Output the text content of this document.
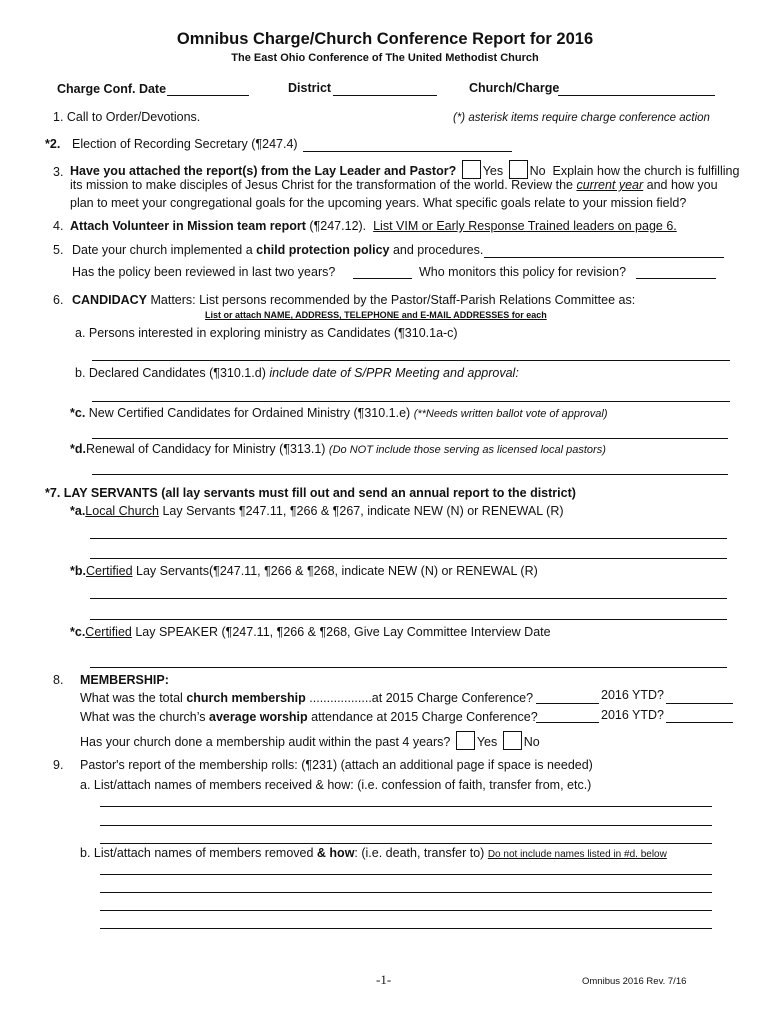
Omnibus Charge/Church Conference Report for 2016
The East Ohio Conference of The United Methodist Church
Charge Conf. Date	District	Church/Charge
1. Call to Order/Devotions.	(*) asterisk items require charge conference action
*2. Election of Recording Secretary (¶247.4)
3. Have you attached the report(s) from the Lay Leader and Pastor? Yes No Explain how the church is fulfilling
its mission to make disciples of Jesus Christ for the transformation of the world. Review the current year and how you
plan to meet your congregational goals for the upcoming years. What specific goals relate to your mission field?
4. Attach Volunteer in Mission team report (¶247.12). List VIM or Early Response Trained leaders on page 6.
5. Date your church implemented a child protection policy and procedures.
Has the policy been reviewed in last two years?	Who monitors this policy for revision?
6. CANDIDACY Matters: List persons recommended by the Pastor/Staff-Parish Relations Committee as:
List or attach NAME, ADDRESS, TELEPHONE and E-MAIL ADDRESSES for each
a. Persons interested in exploring ministry as Candidates (¶310.1a-c)
b. Declared Candidates (¶310.1.d) include date of S/PPR Meeting and approval:
*c. New Certified Candidates for Ordained Ministry (¶310.1.e) (**Needs written ballot vote of approval)
*d.Renewal of Candidacy for Ministry (¶313.1) (Do NOT include those serving as licensed local pastors)
*7. LAY SERVANTS (all lay servants must fill out and send an annual report to the district)
*a.Local Church Lay Servants ¶247.11, ¶266 & ¶267, indicate NEW (N) or RENEWAL (R)
*b.Certified Lay Servants(¶247.11, ¶266 & ¶268, indicate NEW (N) or RENEWAL (R)
*c.Certified Lay SPEAKER (¶247.11, ¶266 & ¶268, Give Lay Committee Interview Date
8. MEMBERSHIP:
What was the total church membership ..................at 2015 Charge Conference?	2016 YTD?
What was the church’s average worship attendance at 2015 Charge Conference?	2016 YTD?
Has your church done a membership audit within the past 4 years? Yes No
9. Pastor's report of the membership rolls: (¶231) (attach an additional page if space is needed)
a. List/attach names of members received & how: (i.e. confession of faith, transfer from, etc.)
b. List/attach names of members removed & how: (i.e. death, transfer to) Do not include names listed in #d. below
-1-	Omnibus 2016 Rev. 7/16
